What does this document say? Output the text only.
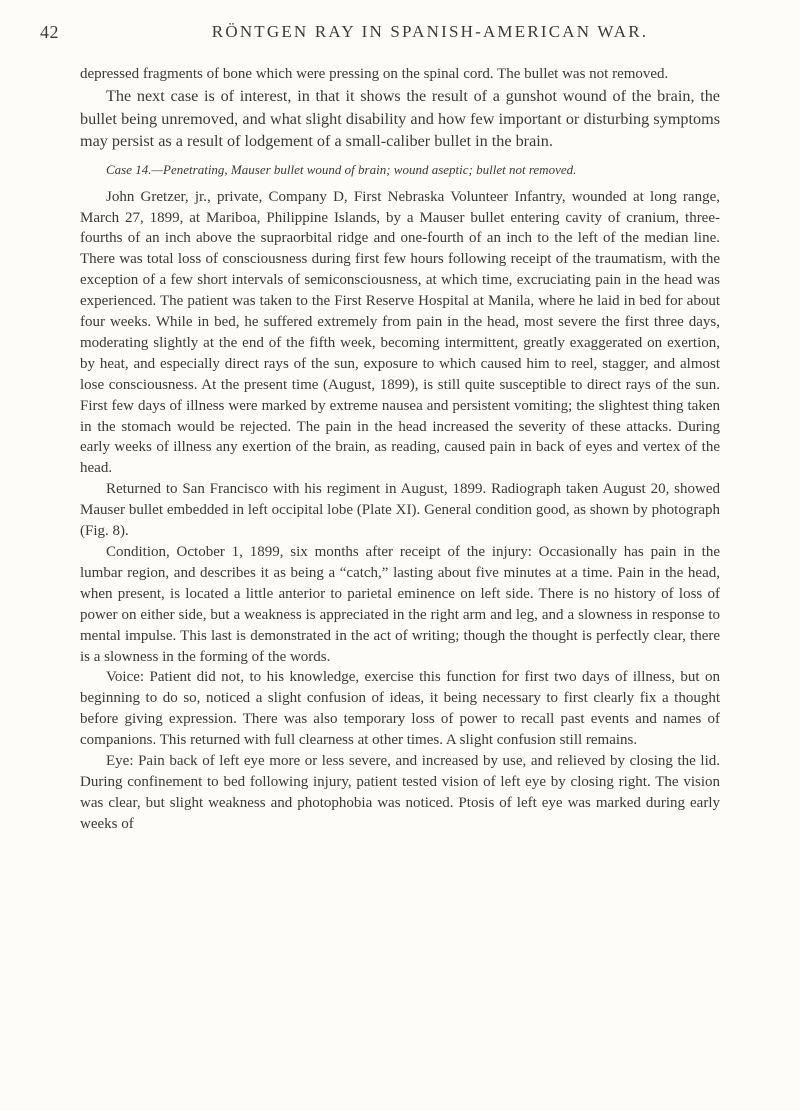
42	RÖNTGEN RAY IN SPANISH-AMERICAN WAR.

depressed fragments of bone which were pressing on the spinal cord. The bullet was not removed.

The next case is of interest, in that it shows the result of a gunshot wound of the brain, the bullet being unremoved, and what slight disability and how few important or disturbing symptoms may persist as a result of lodgement of a small-caliber bullet in the brain.

Case 14.—Penetrating, Mauser bullet wound of brain; wound aseptic; bullet not removed.

John Gretzer, jr., private, Company D, First Nebraska Volunteer Infantry, wounded at long range, March 27, 1899, at Mariboa, Philippine Islands, by a Mauser bullet entering cavity of cranium, three-fourths of an inch above the supraorbital ridge and one-fourth of an inch to the left of the median line. There was total loss of consciousness during first few hours following receipt of the traumatism, with the exception of a few short intervals of semiconsciousness, at which time, excruciating pain in the head was experienced. The patient was taken to the First Reserve Hospital at Manila, where he laid in bed for about four weeks. While in bed, he suffered extremely from pain in the head, most severe the first three days, moderating slightly at the end of the fifth week, becoming intermittent, greatly exaggerated on exertion, by heat, and especially direct rays of the sun, exposure to which caused him to reel, stagger, and almost lose consciousness. At the present time (August, 1899), is still quite susceptible to direct rays of the sun. First few days of illness were marked by extreme nausea and persistent vomiting; the slightest thing taken in the stomach would be rejected. The pain in the head increased the severity of these attacks. During early weeks of illness any exertion of the brain, as reading, caused pain in back of eyes and vertex of the head.

Returned to San Francisco with his regiment in August, 1899. Radiograph taken August 20, showed Mauser bullet embedded in left occipital lobe (Plate XI). General condition good, as shown by photograph (Fig. 8).

Condition, October 1, 1899, six months after receipt of the injury: Occasionally has pain in the lumbar region, and describes it as being a “catch,” lasting about five minutes at a time. Pain in the head, when present, is located a little anterior to parietal eminence on left side. There is no history of loss of power on either side, but a weakness is appreciated in the right arm and leg, and a slowness in response to mental impulse. This last is demonstrated in the act of writing; though the thought is perfectly clear, there is a slowness in the forming of the words.

Voice: Patient did not, to his knowledge, exercise this function for first two days of illness, but on beginning to do so, noticed a slight confusion of ideas, it being necessary to first clearly fix a thought before giving expression. There was also temporary loss of power to recall past events and names of companions. This returned with full clearness at other times. A slight confusion still remains.

Eye: Pain back of left eye more or less severe, and increased by use, and relieved by closing the lid. During confinement to bed following injury, patient tested vision of left eye by closing right. The vision was clear, but slight weakness and photophobia was noticed. Ptosis of left eye was marked during early weeks of
